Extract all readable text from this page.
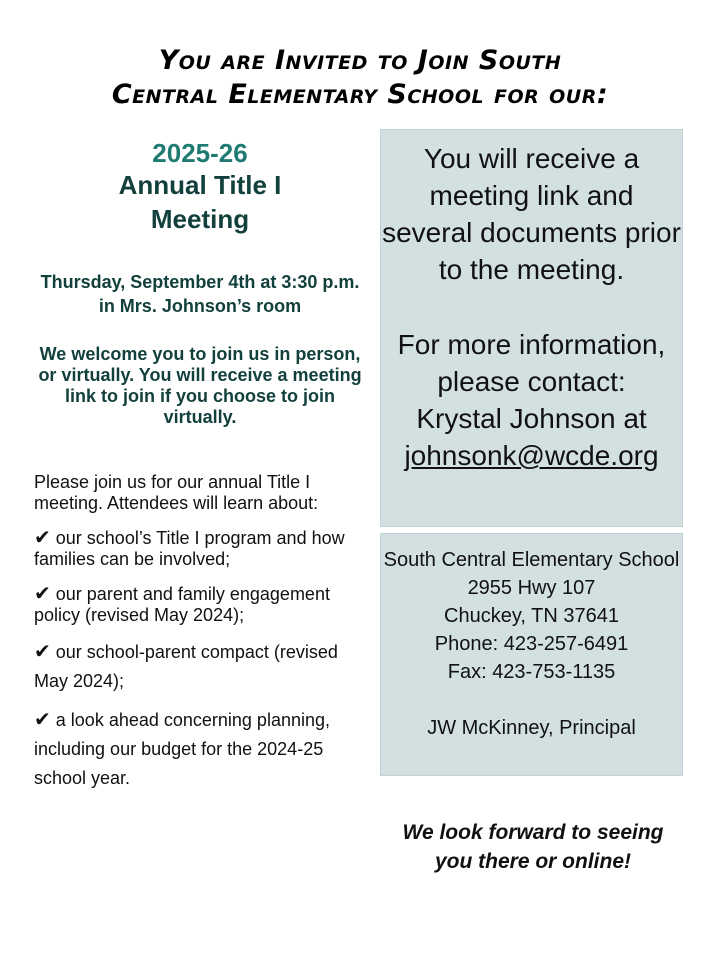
You are Invited to Join South
Central Elementary School for our:
2025-26
Annual Title I
Meeting
Thursday, September 4th at 3:30 p.m. in Mrs. Johnson’s room
We welcome you to join us in person, or virtually. You will receive a meeting link to join if you choose to join virtually.
Please join us for our annual Title I meeting. Attendees will learn about:
✔ our school’s Title I program and how families can be involved;
✔ our parent and family engagement policy (revised May 2024);
✔ our school-parent compact (revised May 2024);
✔ a look ahead concerning planning, including our budget for the 2024-25 school year.
You will receive a meeting link and several documents prior to the meeting.
For more information, please contact:
Krystal Johnson at
johnsonk@wcde.org
South Central Elementary School
2955 Hwy 107
Chuckey, TN 37641
Phone: 423-257-6491
Fax: 423-753-1135
JW McKinney, Principal
We look forward to seeing you there or online!
